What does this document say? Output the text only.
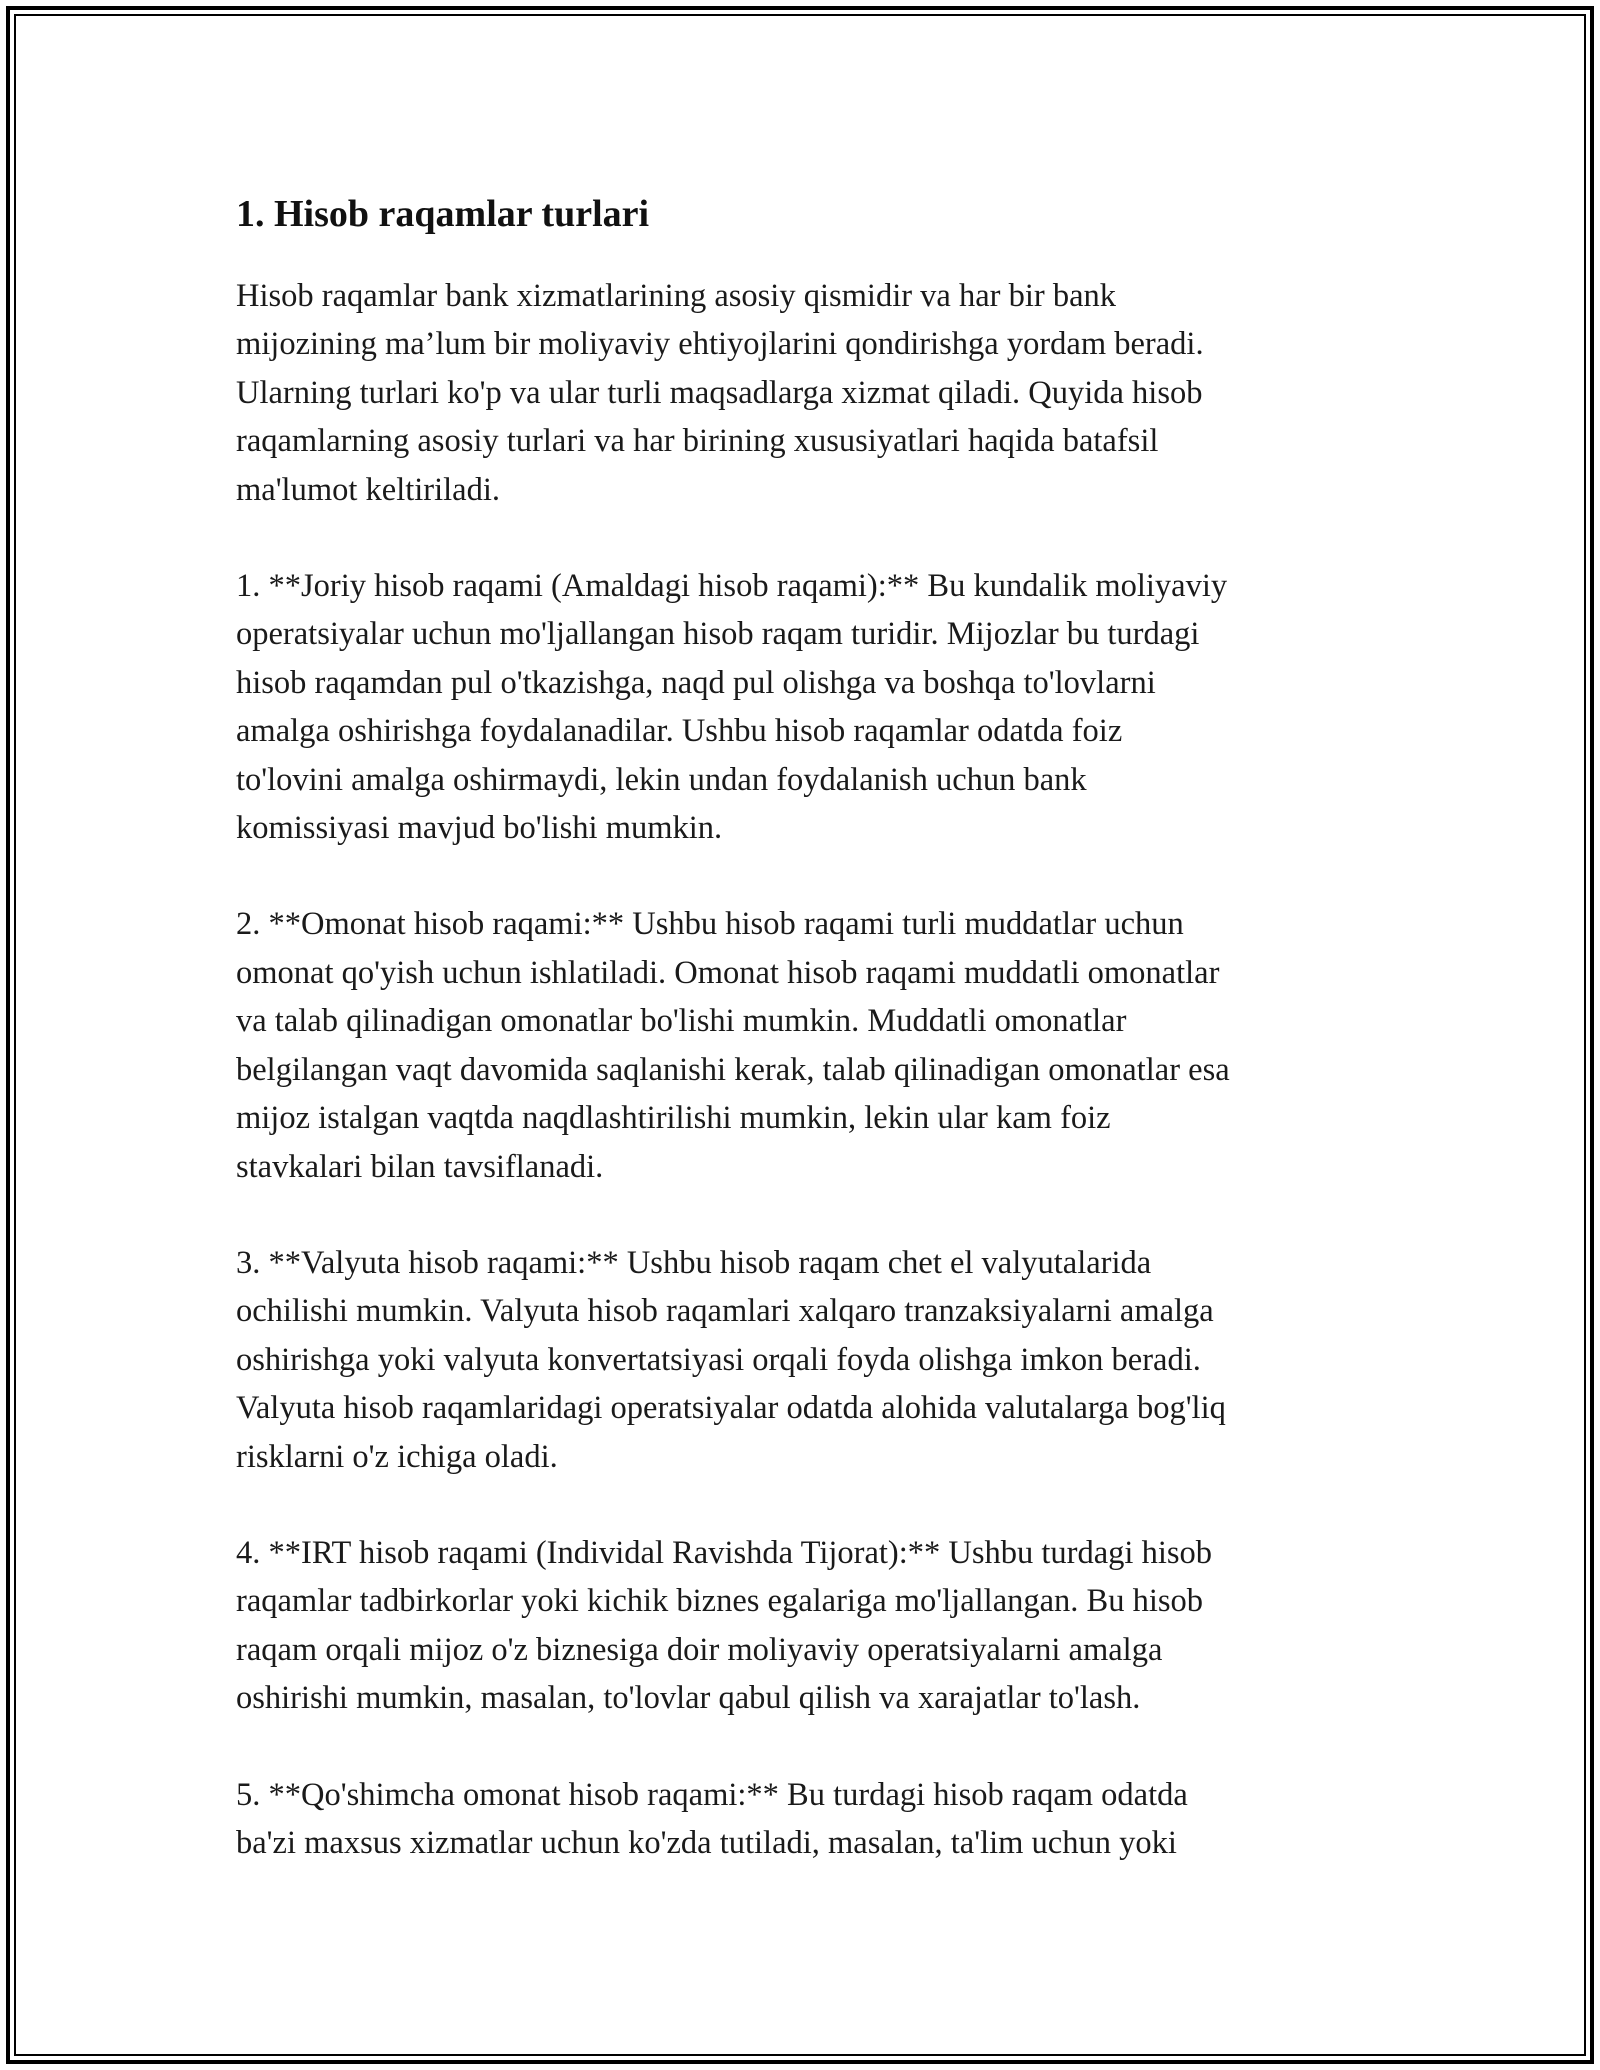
1. Hisob raqamlar turlari

Hisob raqamlar bank xizmatlarining asosiy qismidir va har bir bank
mijozining ma’lum bir moliyaviy ehtiyojlarini qondirishga yordam beradi.
Ularning turlari ko'p va ular turli maqsadlarga xizmat qiladi. Quyida hisob
raqamlarning asosiy turlari va har birining xususiyatlari haqida batafsil
ma'lumot keltiriladi.

1. **Joriy hisob raqami (Amaldagi hisob raqami):** Bu kundalik moliyaviy
operatsiyalar uchun mo'ljallangan hisob raqam turidir. Mijozlar bu turdagi
hisob raqamdan pul o'tkazishga, naqd pul olishga va boshqa to'lovlarni
amalga oshirishga foydalanadilar. Ushbu hisob raqamlar odatda foiz
to'lovini amalga oshirmaydi, lekin undan foydalanish uchun bank
komissiyasi mavjud bo'lishi mumkin.

2. **Omonat hisob raqami:** Ushbu hisob raqami turli muddatlar uchun
omonat qo'yish uchun ishlatiladi. Omonat hisob raqami muddatli omonatlar
va talab qilinadigan omonatlar bo'lishi mumkin. Muddatli omonatlar
belgilangan vaqt davomida saqlanishi kerak, talab qilinadigan omonatlar esa
mijoz istalgan vaqtda naqdlashtirilishi mumkin, lekin ular kam foiz
stavkalari bilan tavsiflanadi.

3. **Valyuta hisob raqami:** Ushbu hisob raqam chet el valyutalarida
ochilishi mumkin. Valyuta hisob raqamlari xalqaro tranzaksiyalarni amalga
oshirishga yoki valyuta konvertatsiyasi orqali foyda olishga imkon beradi.
Valyuta hisob raqamlaridagi operatsiyalar odatda alohida valutalarga bog'liq
risklarni o'z ichiga oladi.

4. **IRT hisob raqami (Individal Ravishda Tijorat):** Ushbu turdagi hisob
raqamlar tadbirkorlar yoki kichik biznes egalariga mo'ljallangan. Bu hisob
raqam orqali mijoz o'z biznesiga doir moliyaviy operatsiyalarni amalga
oshirishi mumkin, masalan, to'lovlar qabul qilish va xarajatlar to'lash.

5. **Qo'shimcha omonat hisob raqami:** Bu turdagi hisob raqam odatda
ba'zi maxsus xizmatlar uchun ko'zda tutiladi, masalan, ta'lim uchun yoki
